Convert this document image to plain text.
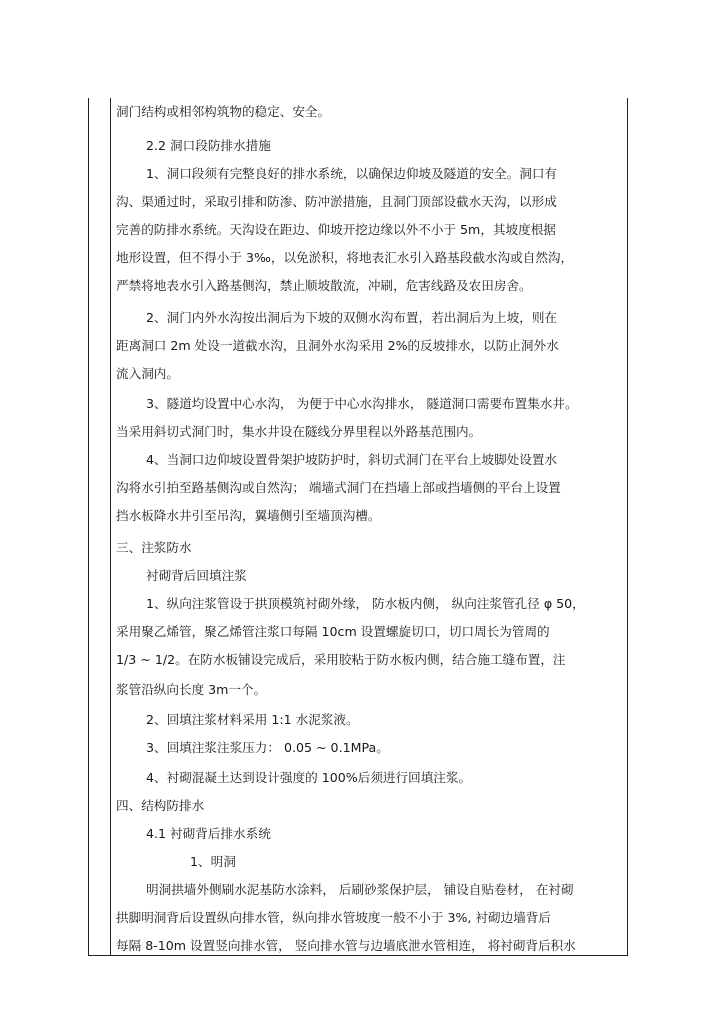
洞门结构或相邻构筑物的稳定、安全。
2.2 洞口段防排水措施
1、洞口段须有完整良好的排水系统，以确保边仰坡及隧道的安全。洞口有
沟、渠通过时，采取引排和防渗、防冲淤措施，且洞门顶部设截水天沟，以形成
完善的防排水系统。天沟设在距边、仰坡开挖边缘以外不小于 5m，其坡度根据
地形设置，但不得小于 3‰，以免淤积，将地表汇水引入路基段截水沟或自然沟，
严禁将地表水引入路基侧沟，禁止顺坡散流，冲刷，危害线路及农田房舍。
2、洞门内外水沟按出洞后为下坡的双侧水沟布置，若出洞后为上坡，则在
距离洞口 2m 处设一道截水沟，且洞外水沟采用 2%的反坡排水，以防止洞外水
流入洞内。
3、隧道均设置中心水沟， 为便于中心水沟排水， 隧道洞口需要布置集水井。
当采用斜切式洞门时，集水井设在隧线分界里程以外路基范围内。
4、当洞口边仰坡设置骨架护坡防护时，斜切式洞门在平台上坡脚处设置水
沟将水引拍至路基侧沟或自然沟； 端墙式洞门在挡墙上部或挡墙侧的平台上设置
挡水板降水井引至吊沟，翼墙侧引至墙顶沟槽。
三、注浆防水
衬砌背后回填注浆
1、纵向注浆管设于拱顶模筑衬砌外缘， 防水板内侧， 纵向注浆管孔径 φ 50，
采用聚乙烯管，聚乙烯管注浆口每隔 10cm 设置螺旋切口，切口周长为管周的
1/3 ~ 1/2。在防水板铺设完成后，采用胶粘于防水板内侧，结合施工缝布置，注
浆管沿纵向长度 3m一个。
2、回填注浆材料采用 1:1 水泥浆液。
3、回填注浆注浆压力： 0.05 ~ 0.1MPa。
4、衬砌混凝土达到设计强度的 100%后须进行回填注浆。
四、结构防排水
4.1 衬砌背后排水系统
1、明洞
明洞拱墙外侧刷水泥基防水涂料， 后刷砂浆保护层， 铺设自贴卷材， 在衬砌
拱脚明洞背后设置纵向排水管，纵向排水管坡度一般不小于 3%, 衬砌边墙背后
每隔 8-10m 设置竖向排水管， 竖向排水管与边墙底泄水管相连， 将衬砌背后积水
